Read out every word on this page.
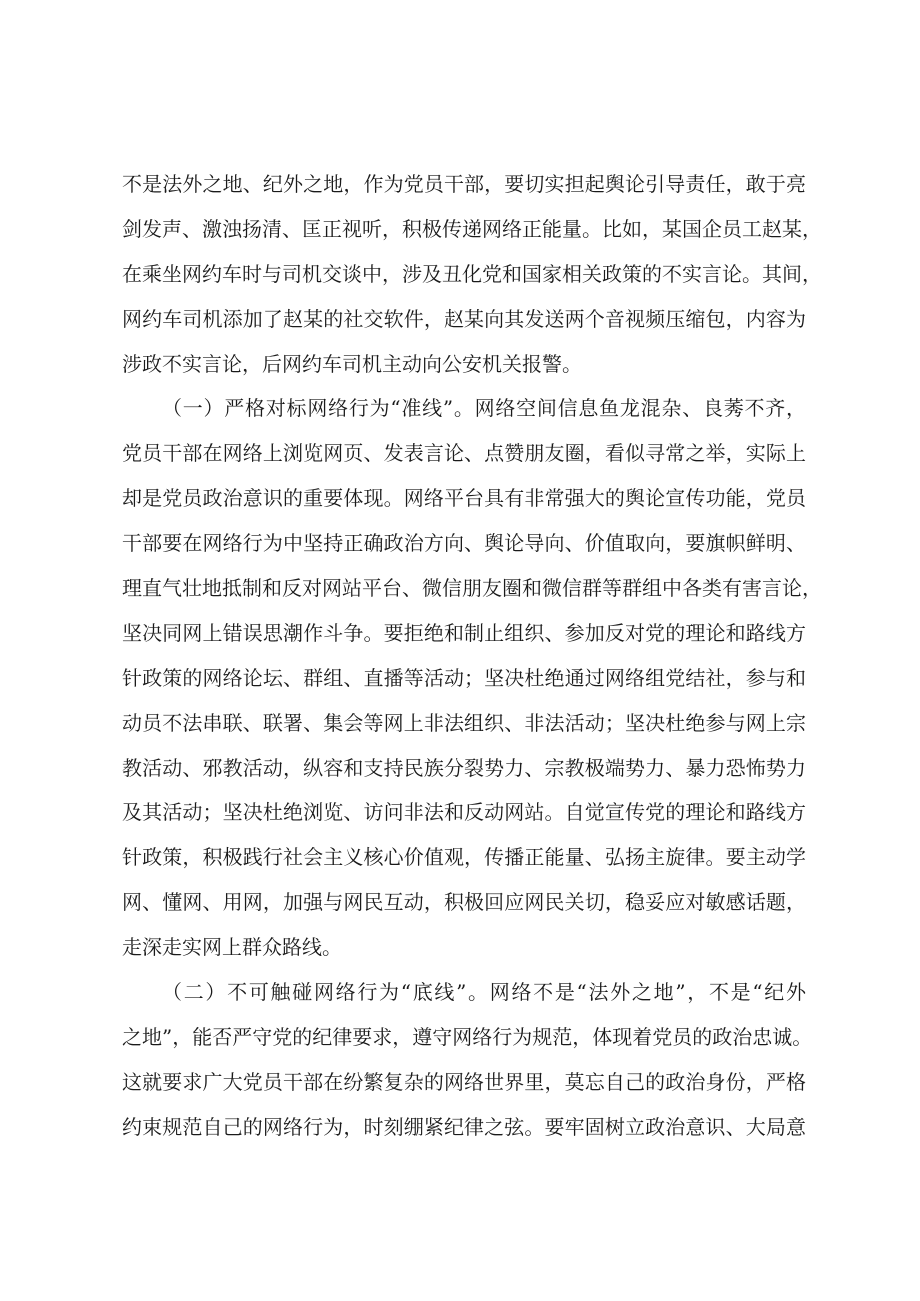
不是法外之地、纪外之地，作为党员干部，要切实担起舆论引导责任，敢于亮
剑发声、激浊扬清、匡正视听，积极传递网络正能量。比如，某国企员工赵某，
在乘坐网约车时与司机交谈中，涉及丑化党和国家相关政策的不实言论。其间，
网约车司机添加了赵某的社交软件，赵某向其发送两个音视频压缩包，内容为
涉政不实言论，后网约车司机主动向公安机关报警。
（一）严格对标网络行为“准线”。网络空间信息鱼龙混杂、良莠不齐，
党员干部在网络上浏览网页、发表言论、点赞朋友圈，看似寻常之举，实际上
却是党员政治意识的重要体现。网络平台具有非常强大的舆论宣传功能，党员
干部要在网络行为中坚持正确政治方向、舆论导向、价值取向，要旗帜鲜明、
理直气壮地抵制和反对网站平台、微信朋友圈和微信群等群组中各类有害言论，
坚决同网上错误思潮作斗争。要拒绝和制止组织、参加反对党的理论和路线方
针政策的网络论坛、群组、直播等活动；坚决杜绝通过网络组党结社，参与和
动员不法串联、联署、集会等网上非法组织、非法活动；坚决杜绝参与网上宗
教活动、邪教活动，纵容和支持民族分裂势力、宗教极端势力、暴力恐怖势力
及其活动；坚决杜绝浏览、访问非法和反动网站。自觉宣传党的理论和路线方
针政策，积极践行社会主义核心价值观，传播正能量、弘扬主旋律。要主动学
网、懂网、用网，加强与网民互动，积极回应网民关切，稳妥应对敏感话题，
走深走实网上群众路线。
（二）不可触碰网络行为“底线”。网络不是“法外之地”，不是“纪外
之地”，能否严守党的纪律要求，遵守网络行为规范，体现着党员的政治忠诚。
这就要求广大党员干部在纷繁复杂的网络世界里，莫忘自己的政治身份，严格
约束规范自己的网络行为，时刻绷紧纪律之弦。要牢固树立政治意识、大局意
